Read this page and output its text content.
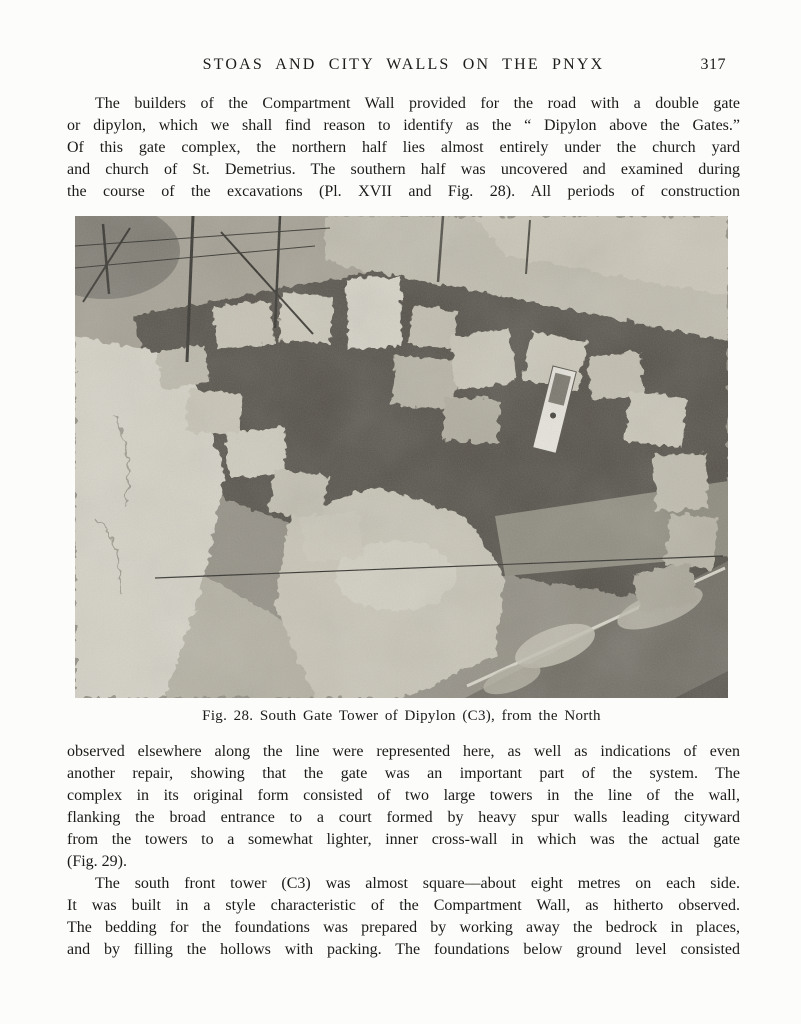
STOAS AND CITY WALLS ON THE PNYX	317
The builders of the Compartment Wall provided for the road with a double gate
or dipylon, which we shall find reason to identify as the “ Dipylon above the Gates.”
Of this gate complex, the northern half lies almost entirely under the church yard
and church of St. Demetrius. The southern half was uncovered and examined during
the course of the excavations (Pl. XVII and Fig. 28). All periods of construction
Fig. 28. South Gate Tower of Dipylon (C3), from the North
observed elsewhere along the line were represented here, as well as indications of even
another repair, showing that the gate was an important part of the system. The
complex in its original form consisted of two large towers in the line of the wall,
flanking the broad entrance to a court formed by heavy spur walls leading cityward
from the towers to a somewhat lighter, inner cross-wall in which was the actual gate
(Fig. 29).
The south front tower (C3) was almost square––about eight metres on each side.
It was built in a style characteristic of the Compartment Wall, as hitherto observed.
The bedding for the foundations was prepared by working away the bedrock in places,
and by filling the hollows with packing. The foundations below ground level consisted
